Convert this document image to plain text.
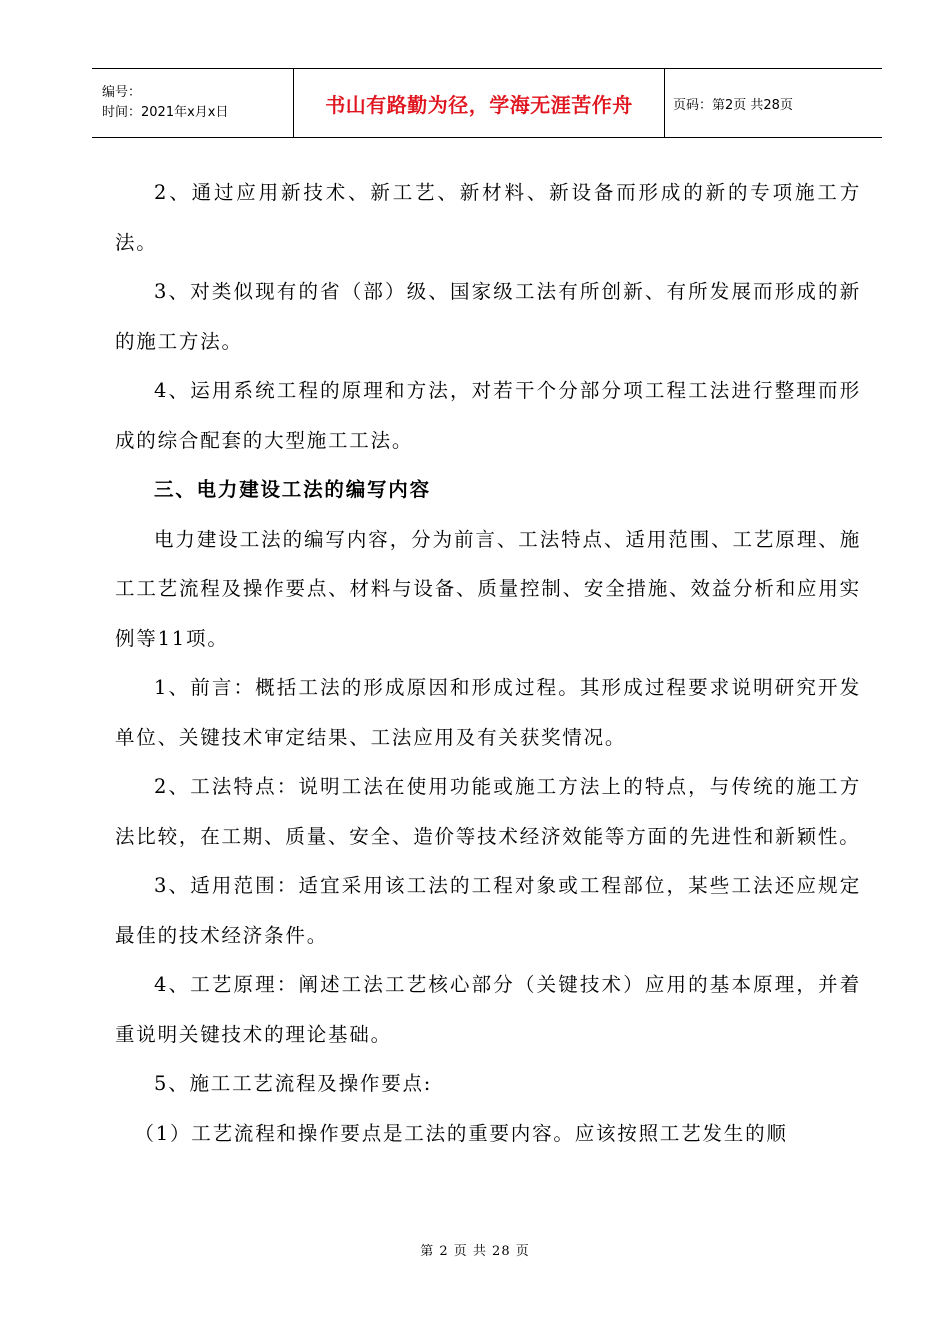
编号：
时间：2021年x月x日	书山有路勤为径，学海无涯苦作舟	页码：第2页 共28页

2、通过应用新技术、新工艺、新材料、新设备而形成的新的专项施工方法。

3、对类似现有的省（部）级、国家级工法有所创新、有所发展而形成的新的施工方法。

4、运用系统工程的原理和方法，对若干个分部分项工程工法进行整理而形成的综合配套的大型施工工法。

三、电力建设工法的编写内容

电力建设工法的编写内容，分为前言、工法特点、适用范围、工艺原理、施工工艺流程及操作要点、材料与设备、质量控制、安全措施、效益分析和应用实例等11项。

1、前言：概括工法的形成原因和形成过程。其形成过程要求说明研究开发单位、关键技术审定结果、工法应用及有关获奖情况。

2、工法特点：说明工法在使用功能或施工方法上的特点，与传统的施工方法比较，在工期、质量、安全、造价等技术经济效能等方面的先进性和新颖性。

3、适用范围：适宜采用该工法的工程对象或工程部位，某些工法还应规定最佳的技术经济条件。

4、工艺原理：阐述工法工艺核心部分（关键技术）应用的基本原理，并着重说明关键技术的理论基础。

5、施工工艺流程及操作要点:

（1）工艺流程和操作要点是工法的重要内容。应该按照工艺发生的顺

第 2 页 共 28 页
